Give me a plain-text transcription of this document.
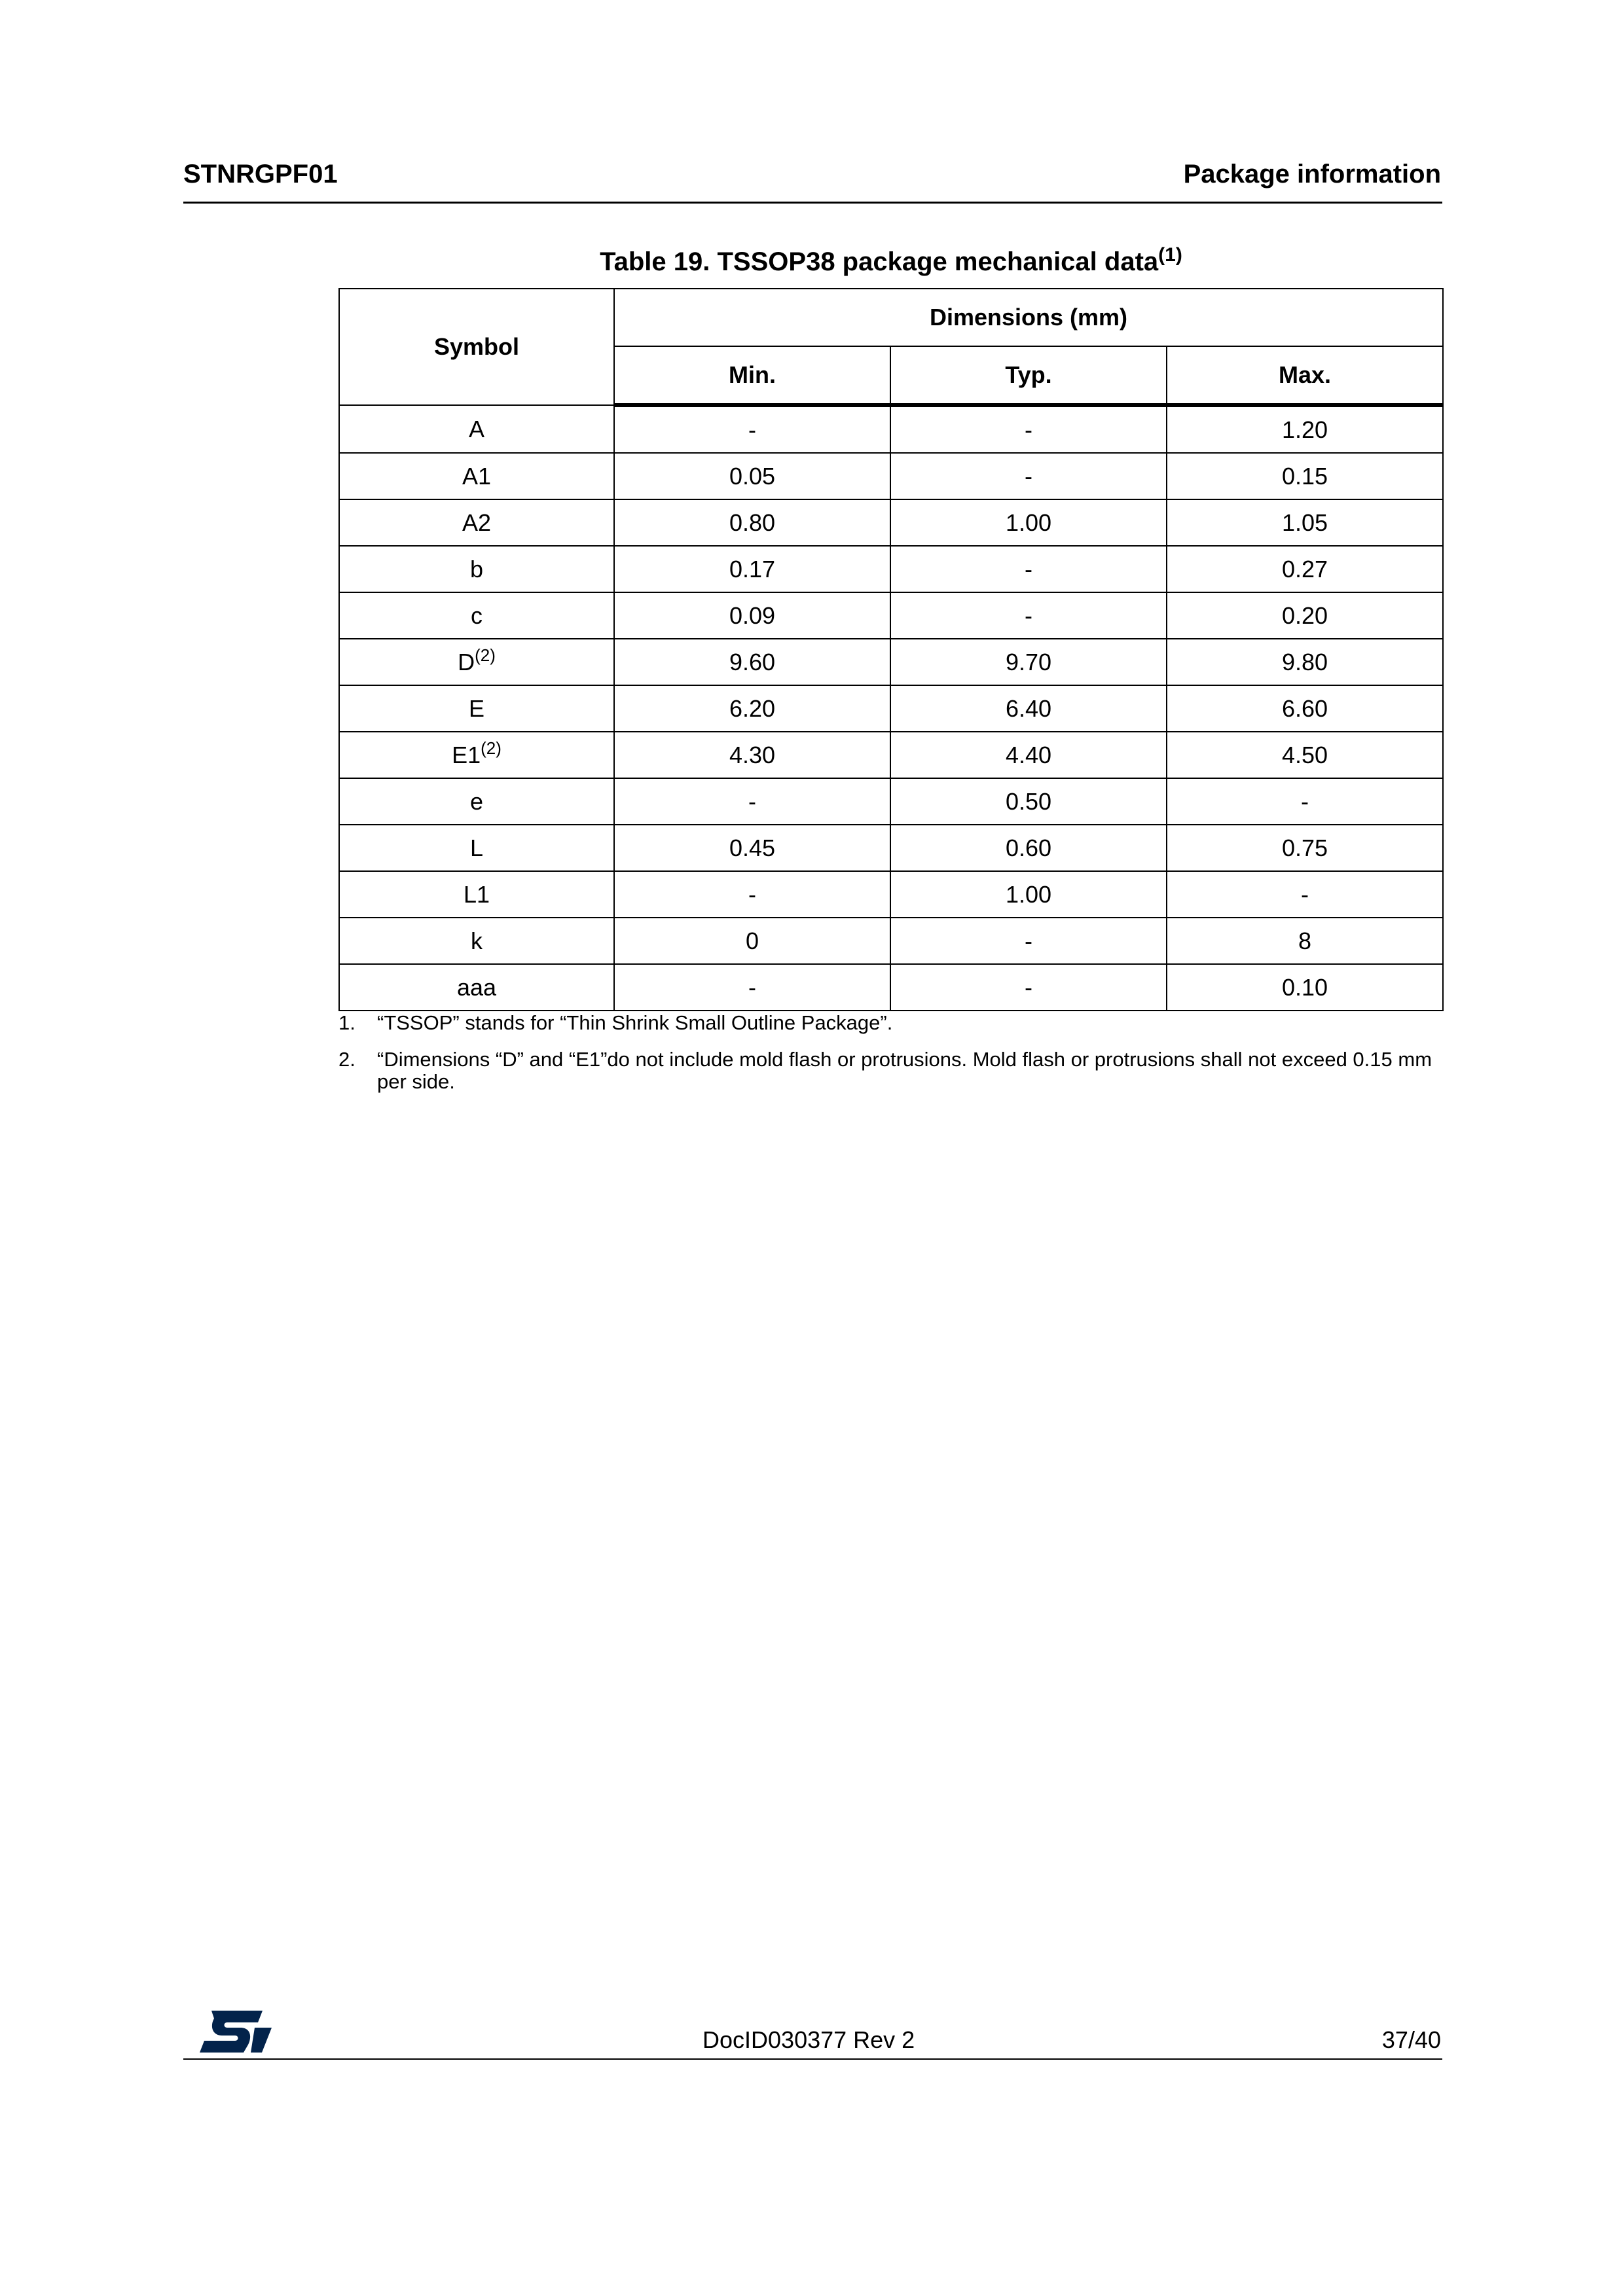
STNRGPF01	Package information
Table 19. TSSOP38 package mechanical data$^{(1)}$
Symbol	Dimensions (mm)		
	Min.	Typ.	Max.
A	-	-	1.20
A1	0.05	-	0.15
A2	0.80	1.00	1.05
b	0.17	-	0.27
c	0.09	-	0.20
$D^{(2)}$	9.60	9.70	9.80
E	6.20	6.40	6.60
E1$^{(2)}$	4.30	4.40	4.50
e	-	0.50	-
L	0.45	0.60	0.75
L1	-	1.00	-
k	0	-	8
aaa	-	-	0.10
1.	“TSSOP” stands for “Thin Shrink Small Outline Package”.
2.	“Dimensions “D” and “E1”do not include mold flash or protrusions. Mold flash or protrusions shall not exceed 0.15 mm per side.
DocID030377 Rev 2	37/40
